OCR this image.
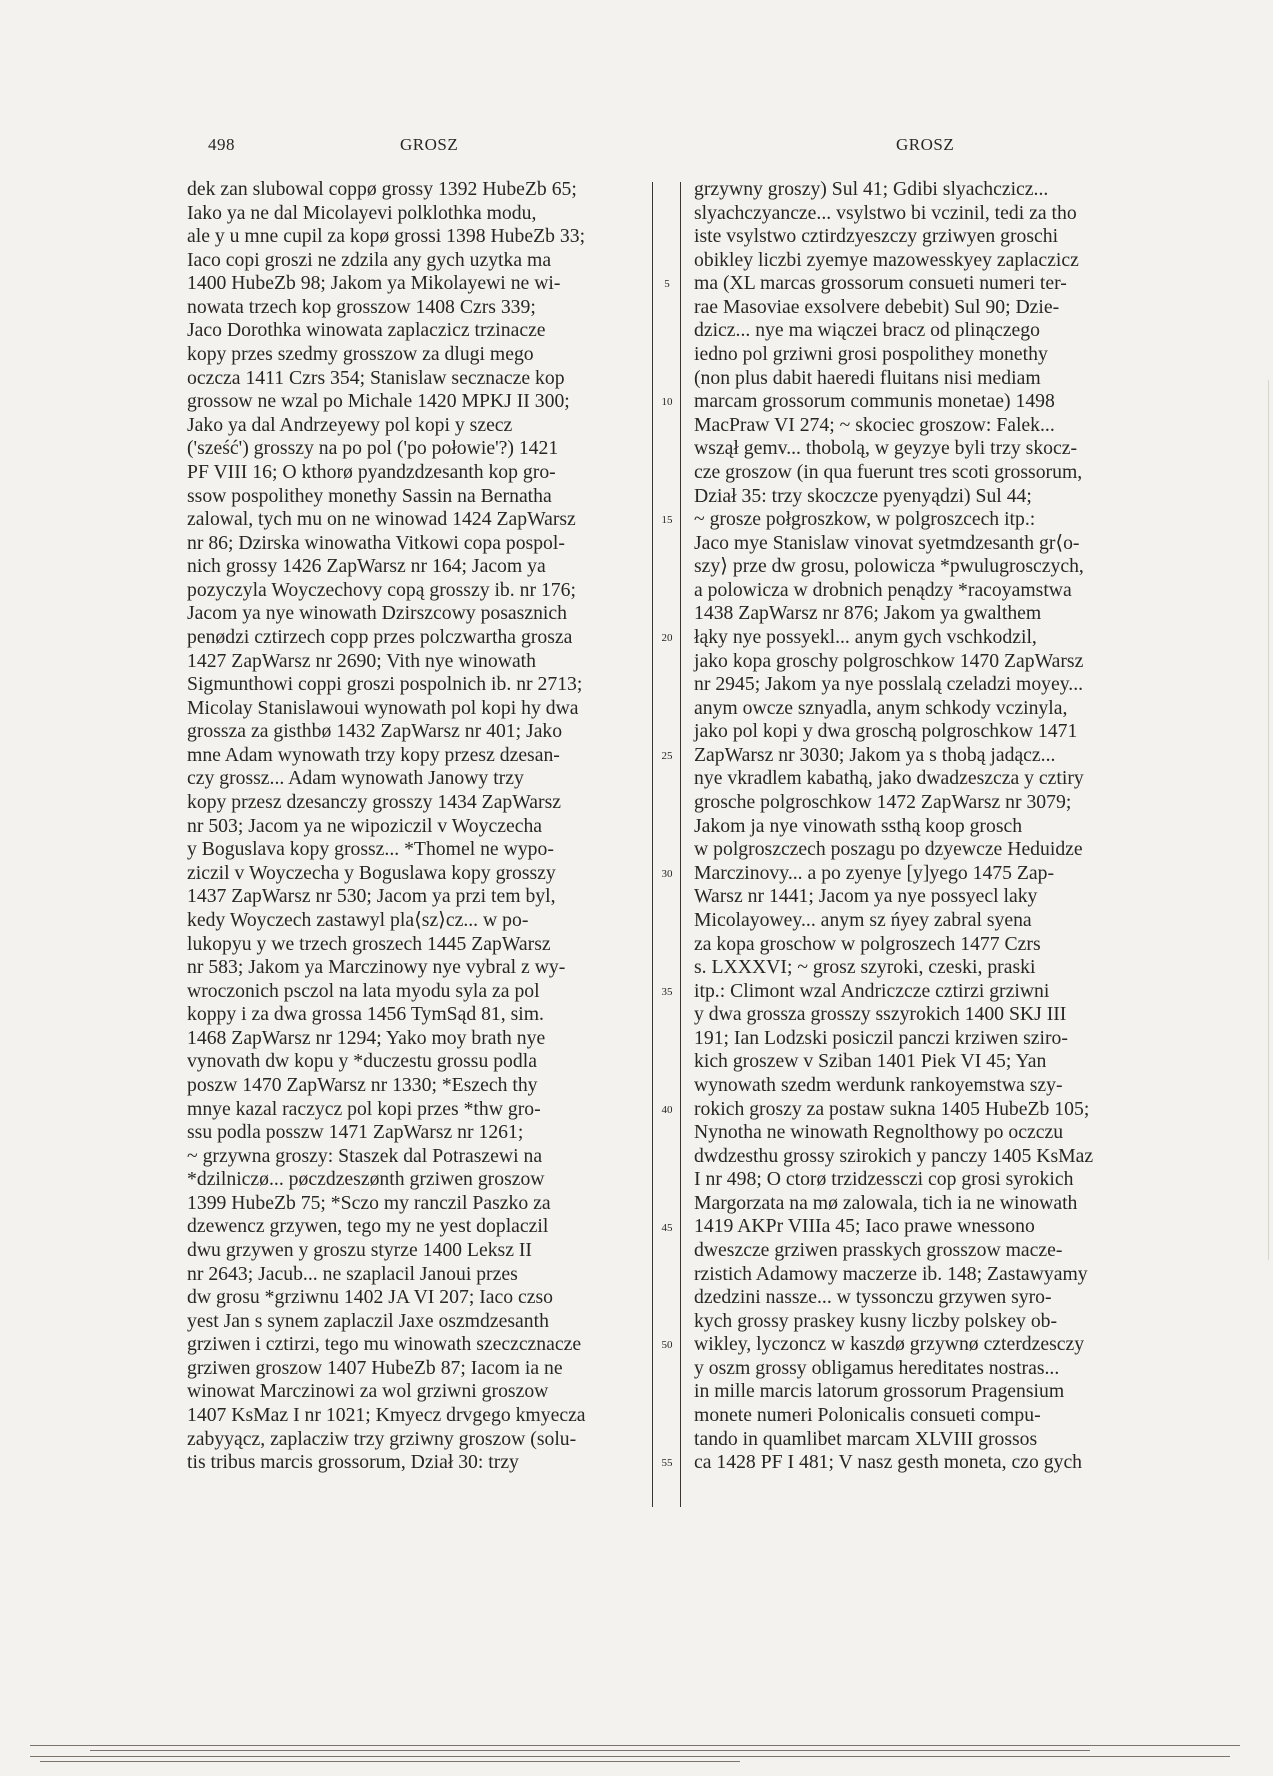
498	GROSZ	GROSZ
dek zan slubowal coppø grossy 1392 HubeZb 65;
Iako ya ne dal Micolayevi polklothka modu,
ale y u mne cupil za kopø grossi 1398 HubeZb 33;
Iaco copi groszi ne zdzila any gych uzytka ma
1400 HubeZb 98; Jakom ya Mikolayewi ne wi-
nowata trzech kop grosszow 1408 Czrs 339;
Jaco Dorothka winowata zaplaczicz trzinacze
kopy przes szedmy grosszow za dlugi mego
oczcza 1411 Czrs 354; Stanislaw secznacze kop
grossow ne wzal po Michale 1420 MPKJ II 300;
Jako ya dal Andrzeyewy pol kopi y szecz
('sześć') grosszy na po pol ('po połowie'?) 1421
PF VIII 16; O kthorø pyandzdzesanth kop gro-
ssow pospolithey monethy Sassin na Bernatha
zalowal, tych mu on ne winowad 1424 ZapWarsz
nr 86; Dzirska winowatha Vitkowi copa pospol-
nich grossy 1426 ZapWarsz nr 164; Jacom ya
pozyczyla Woyczechovy copą grosszy ib. nr 176;
Jacom ya nye winowath Dzirszcowy posasznich
penødzi cztirzech copp przes polczwartha grosza
1427 ZapWarsz nr 2690; Vith nye winowath
Sigmunthowi coppi groszi pospolnich ib. nr 2713;
Micolay Stanislawoui wynowath pol kopi hy dwa
grossza za gisthbø 1432 ZapWarsz nr 401; Jako
mne Adam wynowath trzy kopy przesz dzesan-
czy grossz... Adam wynowath Janowy trzy
kopy przesz dzesanczy grosszy 1434 ZapWarsz
nr 503; Jacom ya ne wipoziczil v Woyczecha
y Boguslava kopy grossz... *Thomel ne wypo-
ziczil v Woyczecha y Boguslawa kopy grosszy
1437 ZapWarsz nr 530; Jacom ya przi tem byl,
kedy Woyczech zastawyl pla⟨sz⟩cz... w po-
lukopyu y we trzech groszech 1445 ZapWarsz
nr 583; Jakom ya Marczinowy nye vybral z wy-
wroczonich psczol na lata myodu syla za pol
koppy i za dwa grossa 1456 TymSąd 81, sim.
1468 ZapWarsz nr 1294; Yako moy brath nye
vynovath dw kopu y *duczestu grossu podla
poszw 1470 ZapWarsz nr 1330; *Eszech thy
mnye kazal raczycz pol kopi przes *thw gro-
ssu podla posszw 1471 ZapWarsz nr 1261;
~ grzywna groszy: Staszek dal Potraszewi na
*dzilniczø... pøczdzeszønth grziwen groszow
1399 HubeZb 75; *Sczo my ranczil Paszko za
dzewencz grzywen, tego my ne yest doplaczil
dwu grzywen y groszu styrze 1400 Leksz II
nr 2643; Jacub... ne szaplacil Janoui przes
dw grosu *grziwnu 1402 JA VI 207; Iaco czso
yest Jan s synem zaplaczil Jaxe oszmdzesanth
grziwen i cztirzi, tego mu winowath szeczcznacze
grziwen groszow 1407 HubeZb 87; Iacom ia ne
winowat Marczinowi za wol grziwni groszow
1407 KsMaz I nr 1021; Kmyecz drvgego kmyecza
zabyyącz, zaplacziw trzy grziwny groszow (solu-
tis tribus marcis grossorum, Dział 30: trzy
5
10
15
20
25
30
35
40
45
50
55
grzywny groszy) Sul 41; Gdibi slyachczicz...
slyachczyancze... vsylstwo bi vczinil, tedi za tho
iste vsylstwo cztirdzyeszczy grziwyen groschi
obikley liczbi zyemye mazowesskyey zaplaczicz
ma (XL marcas grossorum consueti numeri ter-
rae Masoviae exsolvere debebit) Sul 90; Dzie-
dzicz... nye ma wiączei bracz od plinączego
iedno pol grziwni grosi pospolithey monethy
(non plus dabit haeredi fluitans nisi mediam
marcam grossorum communis monetae) 1498
MacPraw VI 274; ~ skociec groszow: Falek...
wszął gemv... thobolą, w geyzye byli trzy skocz-
cze groszow (in qua fuerunt tres scoti grossorum,
Dział 35: trzy skoczcze pyenyądzi) Sul 44;
~ grosze połgroszkow, w polgroszcech itp.:
Jaco mye Stanislaw vinovat syetmdzesanth gr⟨o-
szy⟩ prze dw grosu, polowicza *pwulugrosczych,
a polowicza w drobnich penądzy *racoyamstwa
1438 ZapWarsz nr 876; Jakom ya gwalthem
łąky nye possyekl... anym gych vschkodzil,
jako kopa groschy polgroschkow 1470 ZapWarsz
nr 2945; Jakom ya nye posslalą czeladzi moyey...
anym owcze sznyadla, anym schkody vczinyla,
jako pol kopi y dwa groschą polgroschkow 1471
ZapWarsz nr 3030; Jakom ya s thobą jadącz...
nye vkradlem kabathą, jako dwadzeszcza y cztiry
grosche polgroschkow 1472 ZapWarsz nr 3079;
Jakom ja nye vinowath ssthą koop grosch
w polgroszczech poszagu po dzyewcze Heduidze
Marczinovy... a po zyenye [y]yego 1475 Zap-
Warsz nr 1441; Jacom ya nye possyecl laky
Micolayowey... anym sz ńyey zabral syena
za kopa groschow w polgroszech 1477 Czrs
s. LXXXVI; ~ grosz szyroki, czeski, praski
itp.: Climont wzal Andriczcze cztirzi grziwni
y dwa grossza grosszy sszyrokich 1400 SKJ III
191; Ian Lodzski posiczil panczi krziwen sziro-
kich groszew v Sziban 1401 Piek VI 45; Yan
wynowath szedm werdunk rankoyemstwa szy-
rokich groszy za postaw sukna 1405 HubeZb 105;
Nynotha ne winowath Regnolthowy po oczczu
dwdzesthu grossy szirokich y panczy 1405 KsMaz
I nr 498; O ctorø trzidzessczi cop grosi syrokich
Margorzata na mø zalowala, tich ia ne winowath
1419 AKPr VIIIa 45; Iaco prawe wnessono
dweszcze grziwen prasskych grosszow macze-
rzistich Adamowy maczerze ib. 148; Zastawyamy
dzedzini nassze... w tyssonczu grzywen syro-
kych grossy praskey kusny liczby polskey ob-
wikley, lyczoncz w kaszdø grzywnø czterdzesczy
y oszm grossy obligamus hereditates nostras...
in mille marcis latorum grossorum Pragensium
monete numeri Polonicalis consueti compu-
tando in quamlibet marcam XLVIII grossos
ca 1428 PF I 481; V nasz gesth moneta, czo gych
